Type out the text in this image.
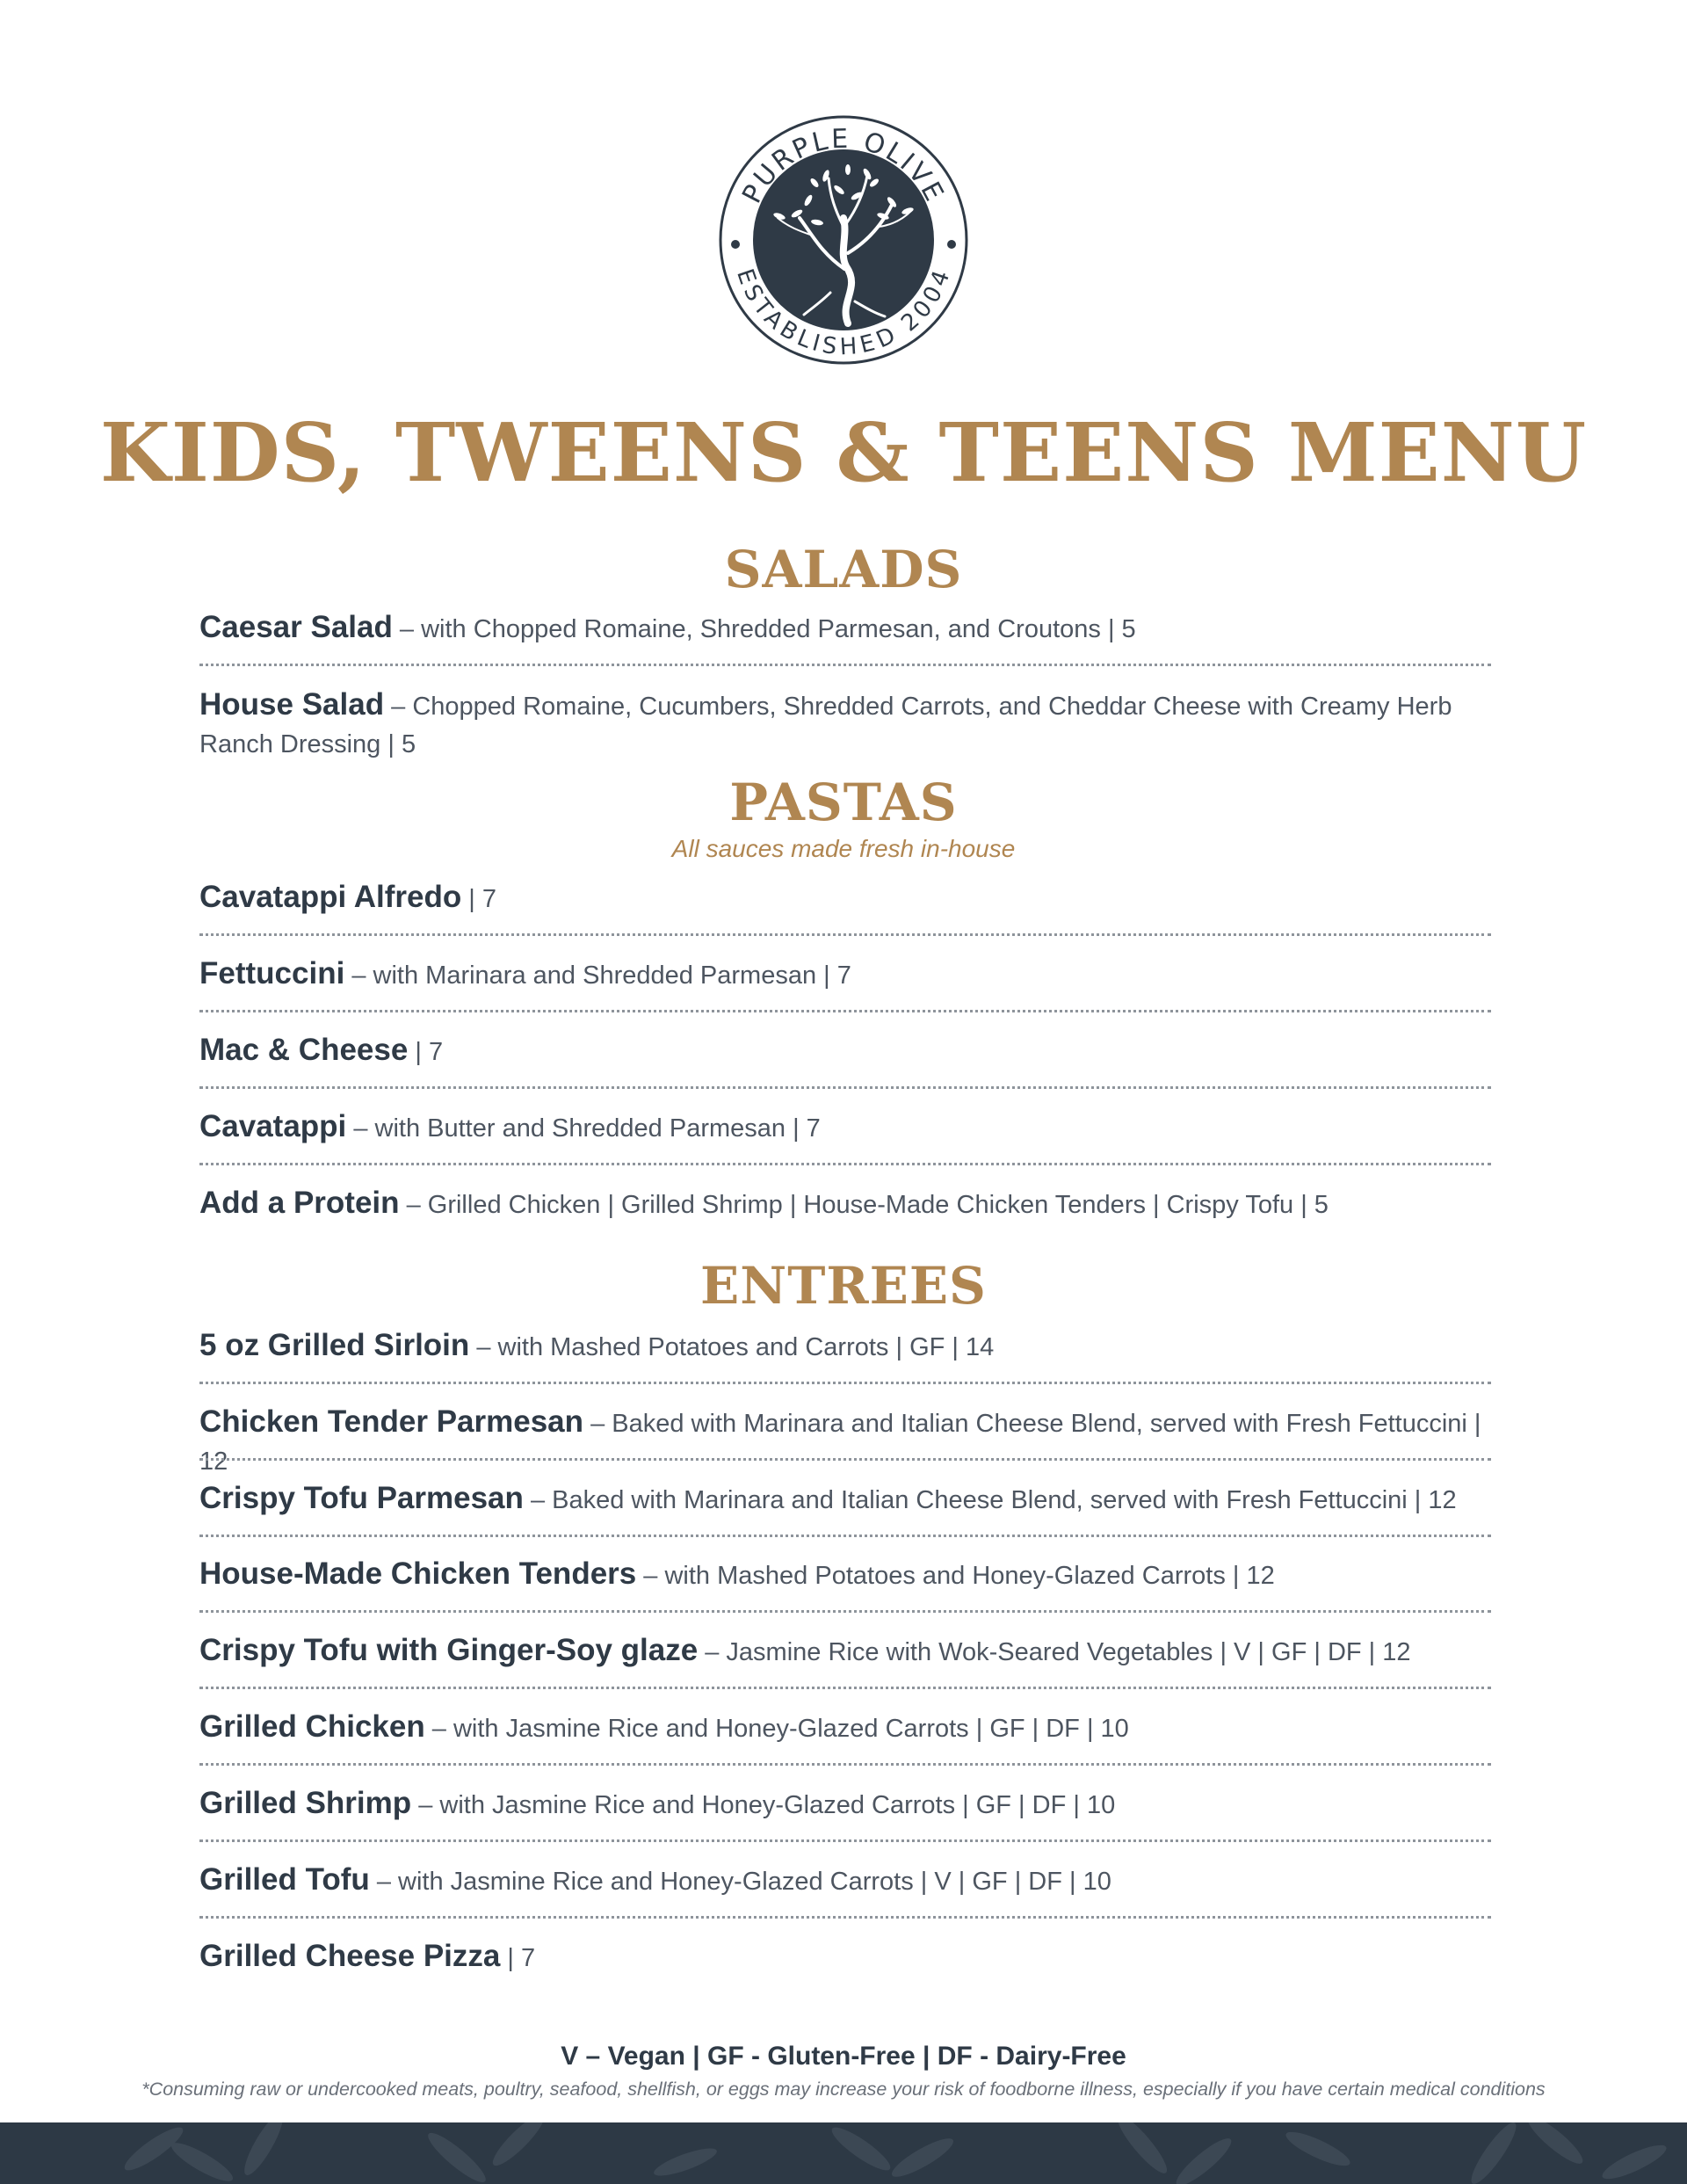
PURPLE OLIVE
ESTABLISHED 2004
KIDS, TWEENS & TEENS MENU
SALADS
Caesar Salad – with Chopped Romaine, Shredded Parmesan, and Croutons | 5
House Salad – Chopped Romaine, Cucumbers, Shredded Carrots, and Cheddar Cheese with Creamy Herb Ranch Dressing | 5
PASTAS
All sauces made fresh in-house
Cavatappi Alfredo | 7
Fettuccini – with Marinara and Shredded Parmesan | 7
Mac & Cheese | 7
Cavatappi – with Butter and Shredded Parmesan | 7
Add a Protein – Grilled Chicken | Grilled Shrimp | House-Made Chicken Tenders | Crispy Tofu | 5
ENTREES
5 oz Grilled Sirloin – with Mashed Potatoes and Carrots | GF | 14
Chicken Tender Parmesan – Baked with Marinara and Italian Cheese Blend, served with Fresh Fettuccini | 12
Crispy Tofu Parmesan – Baked with Marinara and Italian Cheese Blend, served with Fresh Fettuccini | 12
House-Made Chicken Tenders – with Mashed Potatoes and Honey-Glazed Carrots | 12
Crispy Tofu with Ginger-Soy glaze – Jasmine Rice with Wok-Seared Vegetables | V | GF | DF | 12
Grilled Chicken – with Jasmine Rice and Honey-Glazed Carrots | GF | DF | 10
Grilled Shrimp – with Jasmine Rice and Honey-Glazed Carrots | GF | DF | 10
Grilled Tofu – with Jasmine Rice and Honey-Glazed Carrots | V | GF | DF | 10
Grilled Cheese Pizza | 7
V – Vegan | GF - Gluten-Free | DF - Dairy-Free
*Consuming raw or undercooked meats, poultry, seafood, shellfish, or eggs may increase your risk of foodborne illness, especially if you have certain medical conditions
